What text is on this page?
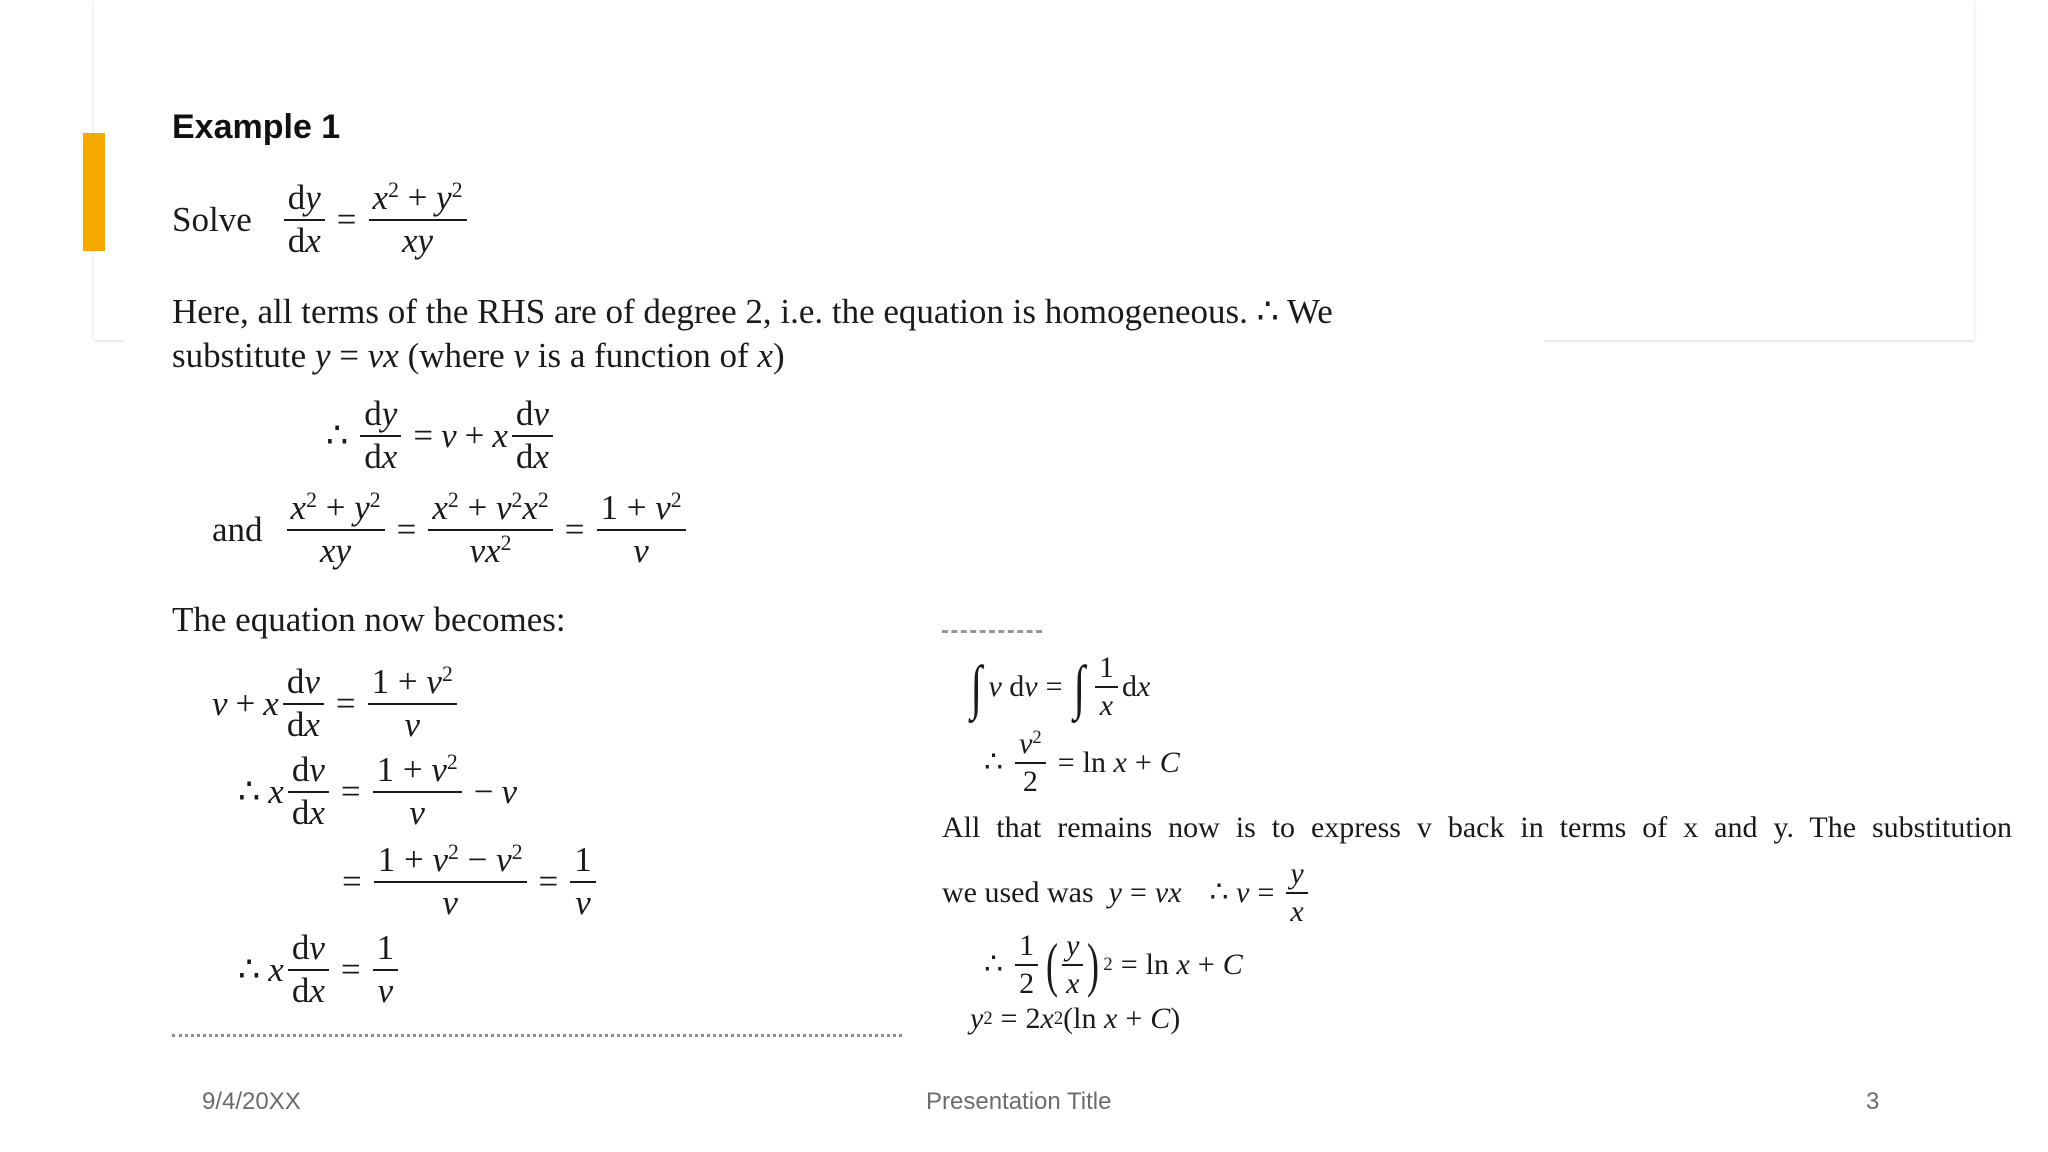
Example 1
Solve $\frac{dy}{dx} = \frac{x^2 + y^2}{xy}$
Here, all terms of the RHS are of degree 2, i.e. the equation is homogeneous. ∴ We
substitute y = vx (where v is a function of x)
∴ $\frac{dy}{dx} = v + x \frac{dv}{dx}$
and $\frac{x^2 + y^2}{xy} = \frac{x^2 + v^2x^2}{vx^2} = \frac{1 + v^2}{v}$
The equation now becomes:
v + x $\frac{dv}{dx} = \frac{1 + v^2}{v}$
∴ x $\frac{dv}{dx} = \frac{1 + v^2}{v} - v$
= $\frac{1 + v^2 - v^2}{v} = \frac{1}{v}$
∴ x $\frac{dv}{dx} = \frac{1}{v}$
∫ v d v = ∫ $\frac{1}{x}$ d x
∴ $\frac{v^2}{2} = \ln x + C$
All that remains now is to express v back in terms of x and y. The substitution
we used was
y = vx ∴
$v = \frac{y}{x}$
∴ $\frac{1}{2}$ ( $\frac{y}{x}$ ) 2 = ln x + C
y 2 = 2 x 2 (ln x + C )
9/4/20XX	Presentation Title	3
